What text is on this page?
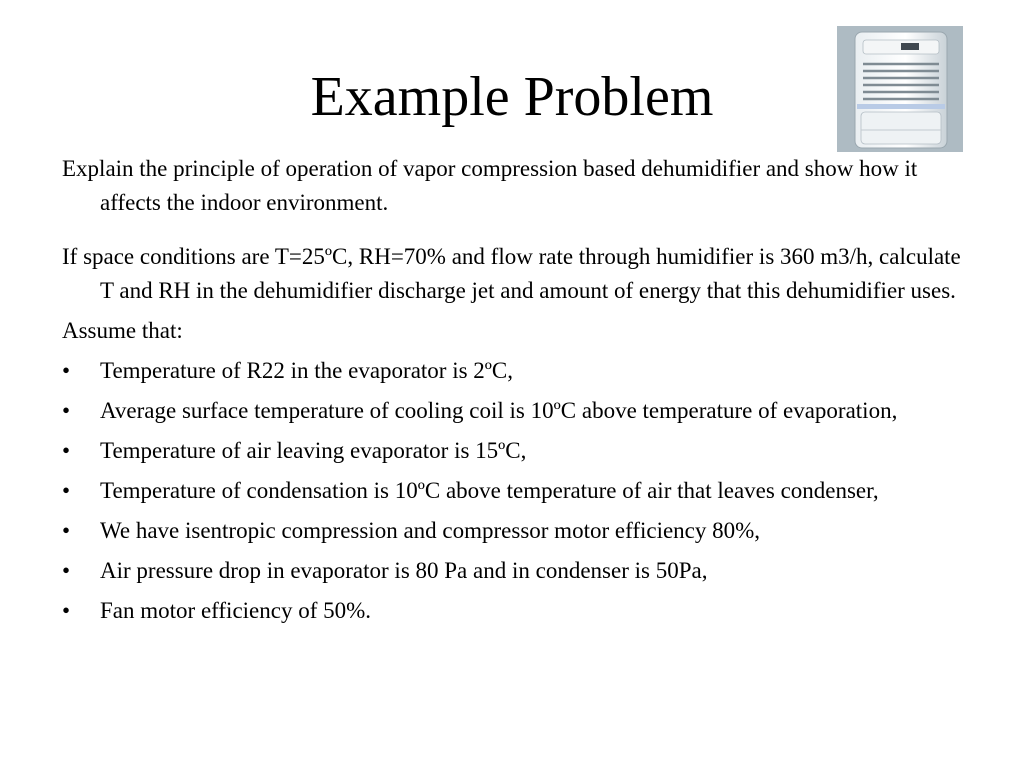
Example Problem

Explain the principle of operation of vapor compression based dehumidifier and show how it affects the indoor environment.

If space conditions are T=25ºC, RH=70% and flow rate through humidifier is 360 m3/h, calculate T and RH in the dehumidifier discharge jet and amount of energy that this dehumidifier uses.

Assume that:

• Temperature of R22 in the evaporator is 2ºC,
• Average surface temperature of cooling coil is 10ºC above temperature of evaporation,
• Temperature of air leaving evaporator is 15ºC,
• Temperature of condensation is 10ºC above temperature of air that leaves condenser,
• We have isentropic compression and compressor motor efficiency 80%,
• Air pressure drop in evaporator is 80 Pa and in condenser is 50Pa,
• Fan motor efficiency of 50%.
